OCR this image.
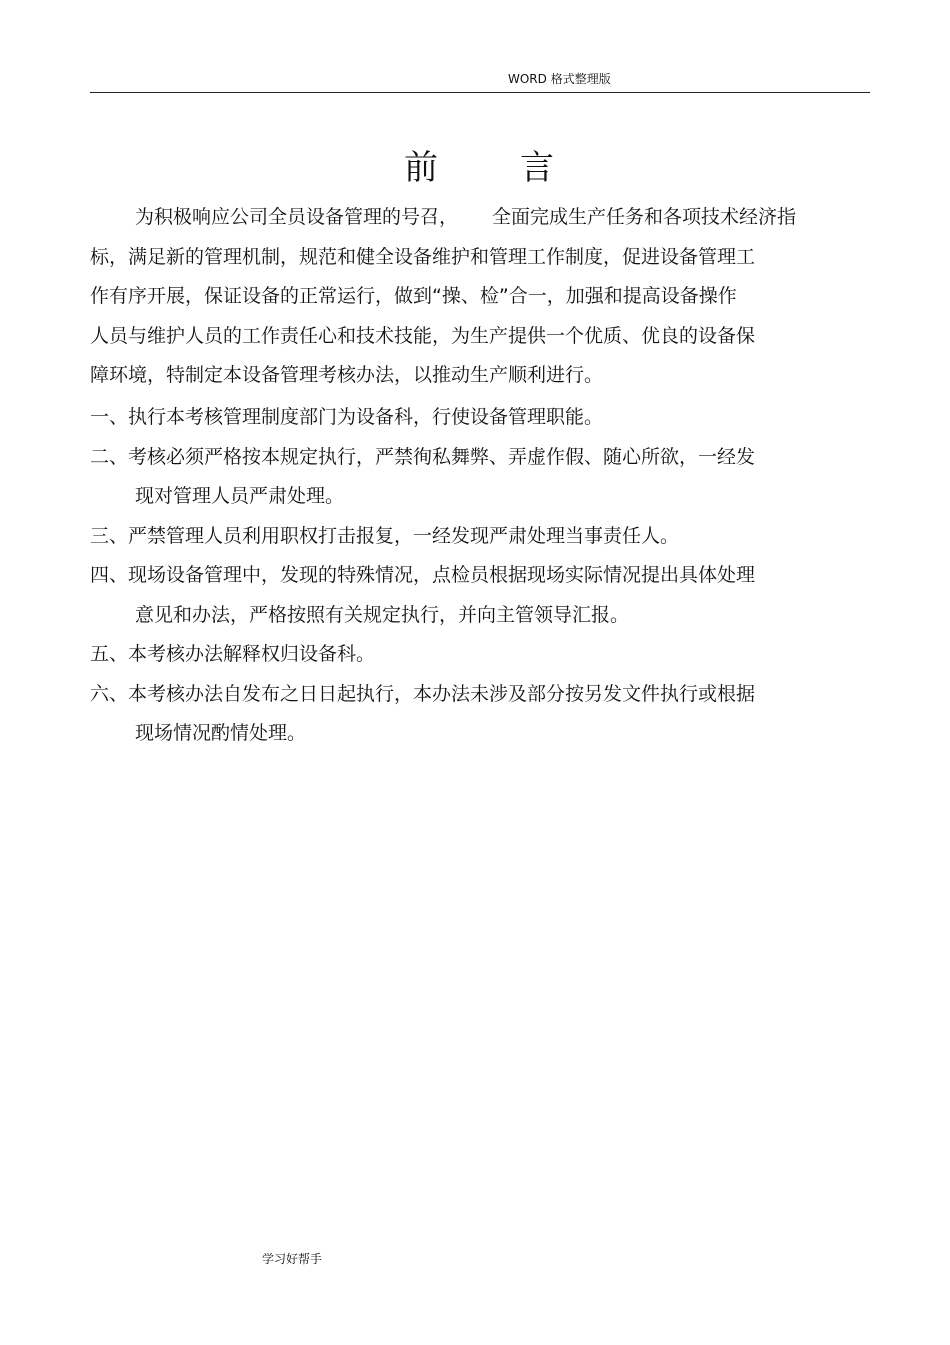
WORD 格式整理版
前 言
为积极响应公司全员设备管理的号召， 全面完成生产任务和各项技术经济指
标，满足新的管理机制，规范和健全设备维护和管理工作制度，促进设备管理工
作有序开展，保证设备的正常运行，做到“操、检”合一，加强和提高设备操作
人员与维护人员的工作责任心和技术技能，为生产提供一个优质、优良的设备保
障环境，特制定本设备管理考核办法，以推动生产顺利进行。
一、执行本考核管理制度部门为设备科，行使设备管理职能。
二、考核必须严格按本规定执行，严禁徇私舞弊、弄虚作假、随心所欲，一经发
现对管理人员严肃处理。
三、严禁管理人员利用职权打击报复，一经发现严肃处理当事责任人。
四、现场设备管理中，发现的特殊情况，点检员根据现场实际情况提出具体处理
意见和办法，严格按照有关规定执行，并向主管领导汇报。
五、本考核办法解释权归设备科。
六、本考核办法自发布之日日起执行，本办法未涉及部分按另发文件执行或根据
现场情况酌情处理。
学习好帮手
